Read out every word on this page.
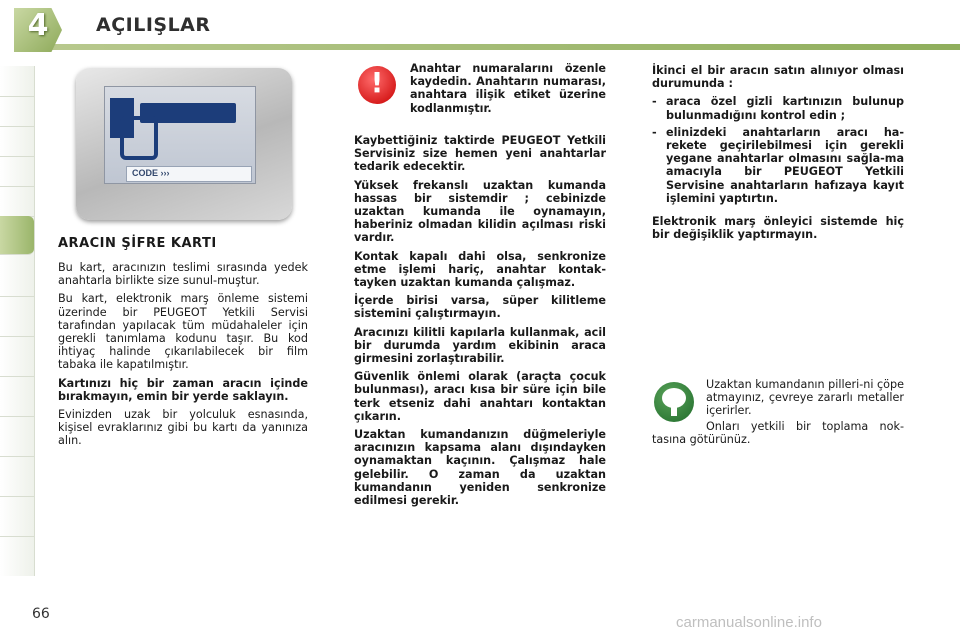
4	AÇILIŞLAR
CODE ›››
ARACIN ŞİFRE KARTI

Bu kart, aracınızın teslimi sırasında yedek anahtarla birlikte size sunul-muştur.

Bu kart, elektronik marş önleme sistemi üzerinde bir PEUGEOT Yetkili Servisi tarafından yapılacak tüm müdahaleler için gerekli tanımlama kodunu taşır. Bu kod ihtiyaç halinde çıkarılabilecek bir film tabaka ile kapatılmıştır.

Kartınızı hiç bir zaman aracın içinde bırakmayın, emin bir yerde saklayın.

Evinizden uzak bir yolculuk esnasında, kişisel evraklarınız gibi bu kartı da yanınıza alın.

!	Anahtar numaralarını özenle kaydedin. Anahtarın numarası, anahtara ilişik etiket üzerine kodlanmıştır.

Kaybettiğiniz taktirde PEUGEOT Yetkili Servisiniz size hemen yeni anahtarlar tedarik edecektir.

Yüksek frekanslı uzaktan kumanda hassas bir sistemdir ; cebinizde uzaktan kumanda ile oynamayın, haberiniz olmadan kilidin açılması riski vardır.

Kontak kapalı dahi olsa, senkronize etme işlemi hariç, anahtar kontak-tayken uzaktan kumanda çalışmaz.

İçerde birisi varsa, süper kilitleme sistemini çalıştırmayın.

Aracınızı kilitli kapılarla kullanmak, acil bir durumda yardım ekibinin araca girmesini zorlaştırabilir.

Güvenlik önlemi olarak (araçta çocuk bulunması), aracı kısa bir süre için bile terk etseniz dahi anahtarı kontaktan çıkarın.

Uzaktan kumandanızın düğmeleriyle aracınızın kapsama alanı dışındayken oynamaktan kaçının. Çalışmaz hale gelebilir. O zaman da uzaktan kumandanın yeniden senkronize edilmesi gerekir.

İkinci el bir aracın satın alınıyor olması durumunda :

- araca özel gizli kartınızın bulunup bulunmadığını kontrol edin ;
- elinizdeki anahtarların aracı ha-rekete geçirilebilmesi için gerekli yegane anahtarlar olmasını sağla-ma amacıyla bir PEUGEOT Yetkili Servisine anahtarların hafızaya kayıt işlemini yaptırtın.

Elektronik marş önleyici sistemde hiç bir değişiklik yaptırmayın.

Uzaktan kumandanın pilleri-ni çöpe atmayınız, çevreye zararlı metaller içerirler.
Onları yetkili bir toplama nok-tasına götürünüz.
66	carmanualsonline.info
